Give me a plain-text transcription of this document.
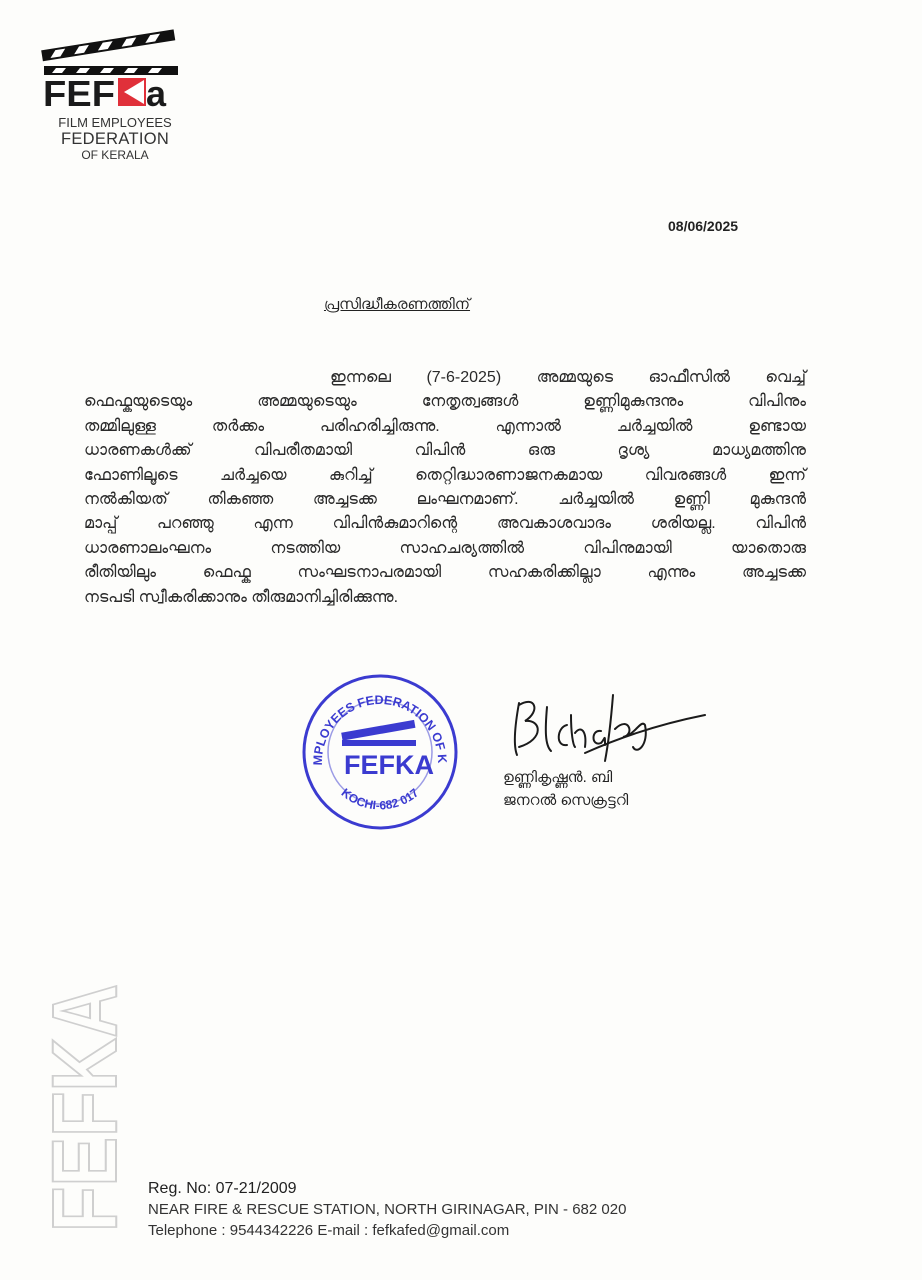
FEF a
FILM EMPLOYEES
FEDERATION
OF KERALA
08/06/2025
പ്രസിദ്ധീകരണത്തിന്
ഇന്നലെ (7-6-2025) അമ്മയുടെ ഓഫീസിൽ വെച്ച്
ഫെഫ്കയുടെയും അമ്മയുടെയും നേതൃത്വങ്ങൾ ഉണ്ണിമുകുന്ദനും വിപിനും
തമ്മിലുള്ള തർക്കം പരിഹരിച്ചിരുന്നു. എന്നാൽ ചർച്ചയിൽ ഉണ്ടായ
ധാരണകൾക്ക് വിപരീതമായി വിപിൻ ഒരു ദൃശ്യ മാധ്യമത്തിനു
ഫോണിലൂടെ ചർച്ചയെ കുറിച്ച് തെറ്റിദ്ധാരണാജനകമായ വിവരങ്ങൾ ഇന്ന്
നൽകിയത് തികഞ്ഞ അച്ചടക്ക ലംഘനമാണ്. ചർച്ചയിൽ ഉണ്ണി മുകുന്ദൻ
മാപ്പ് പറഞ്ഞു എന്ന വിപിൻകുമാറിന്റെ അവകാശവാദം ശരിയല്ല. വിപിൻ
ധാരണാലംഘനം നടത്തിയ സാഹചര്യത്തിൽ വിപിനുമായി യാതൊരു
രീതിയിലും ഫെഫ്ക സംഘടനാപരമായി സഹകരിക്കില്ലാ എന്നും അച്ചടക്ക
നടപടി സ്വീകരിക്കാനും തീരുമാനിച്ചിരിക്കുന്നു.
MPLOYEES FEDERATION OF K
KOCHI-682 017
FEFKA	ഉണ്ണികൃഷ്ണൻ. ബി
ജനറൽ സെക്രട്ടറി
FEFKA Reg. No: 07-21/2009
NEAR FIRE & RESCUE STATION, NORTH GIRINAGAR, PIN - 682 020
Telephone : 9544342226 E-mail : fefkafed@gmail.com
